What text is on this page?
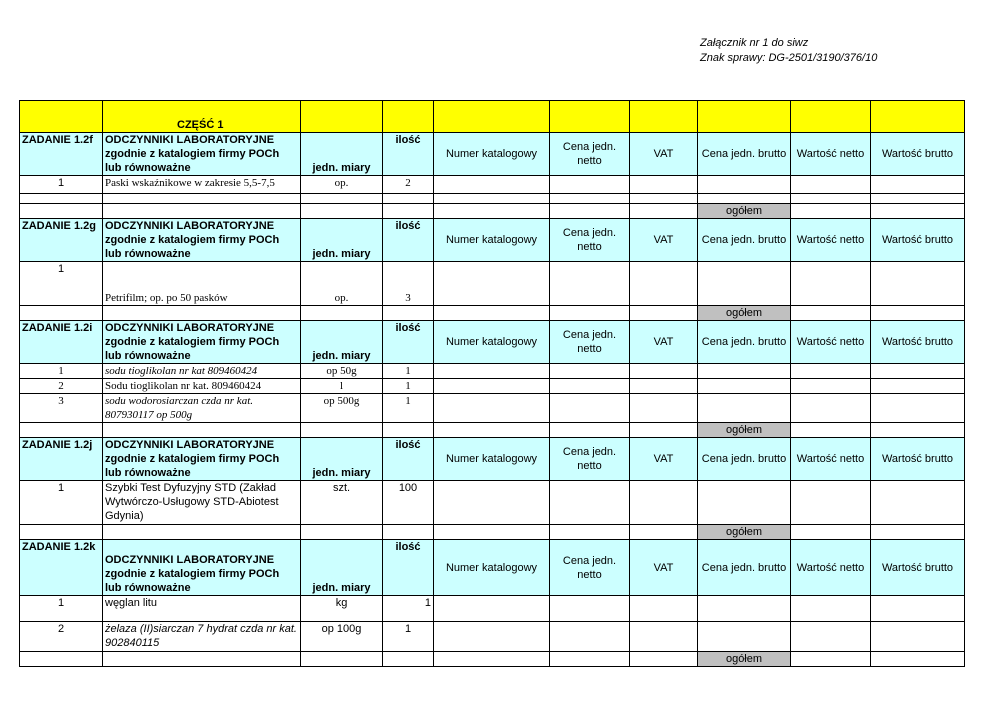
Załącznik nr 1 do siwz
Znak sprawy: DG-2501/3190/376/10
	CZĘŚĆ 1								
ZADANIE 1.2f	ODCZYNNIKI LABORATORYJNE zgodnie z katalogiem firmy POCh lub równoważne	jedn. miary	ilość	Numer katalogowy	Cena jedn. netto	VAT	Cena jedn. brutto	Wartość netto	Wartość brutto
1	Paski wskaźnikowe w zakresie 5,5-7,5	op.	2						

							ogółem		
ZADANIE 1.2g	ODCZYNNIKI LABORATORYJNE zgodnie z katalogiem firmy POCh lub równoważne	jedn. miary	ilość	Numer katalogowy	Cena jedn. netto	VAT	Cena jedn. brutto	Wartość netto	Wartość brutto
1	Petrifilm; op. po 50 pasków	op.	3						
							ogółem		
ZADANIE 1.2i	ODCZYNNIKI LABORATORYJNE zgodnie z katalogiem firmy POCh lub równoważne	jedn. miary	ilość	Numer katalogowy	Cena jedn. netto	VAT	Cena jedn. brutto	Wartość netto	Wartość brutto
1	sodu tioglikolan nr kat 809460424	op 50g	1						
2	Sodu tioglikolan nr kat. 809460424	l	1						
3	sodu wodorosiarczan czda nr kat. 807930117 op 500g	op 500g	1						
							ogółem		
ZADANIE 1.2j	ODCZYNNIKI LABORATORYJNE zgodnie z katalogiem firmy POCh lub równoważne	jedn. miary	ilość	Numer katalogowy	Cena jedn. netto	VAT	Cena jedn. brutto	Wartość netto	Wartość brutto
1	Szybki Test Dyfuzyjny STD (Zakład Wytwórczo-Usługowy STD-Abiotest Gdynia)	szt.	100						
							ogółem		
ZADANIE 1.2k	ODCZYNNIKI LABORATORYJNE zgodnie z katalogiem firmy POCh lub równoważne	jedn. miary	ilość	Numer katalogowy	Cena jedn. netto	VAT	Cena jedn. brutto	Wartość netto	Wartość brutto
1	węglan litu	kg	1						
2	żelaza (II)siarczan 7 hydrat czda nr kat. 902840115	op 100g	1						
							ogółem		
